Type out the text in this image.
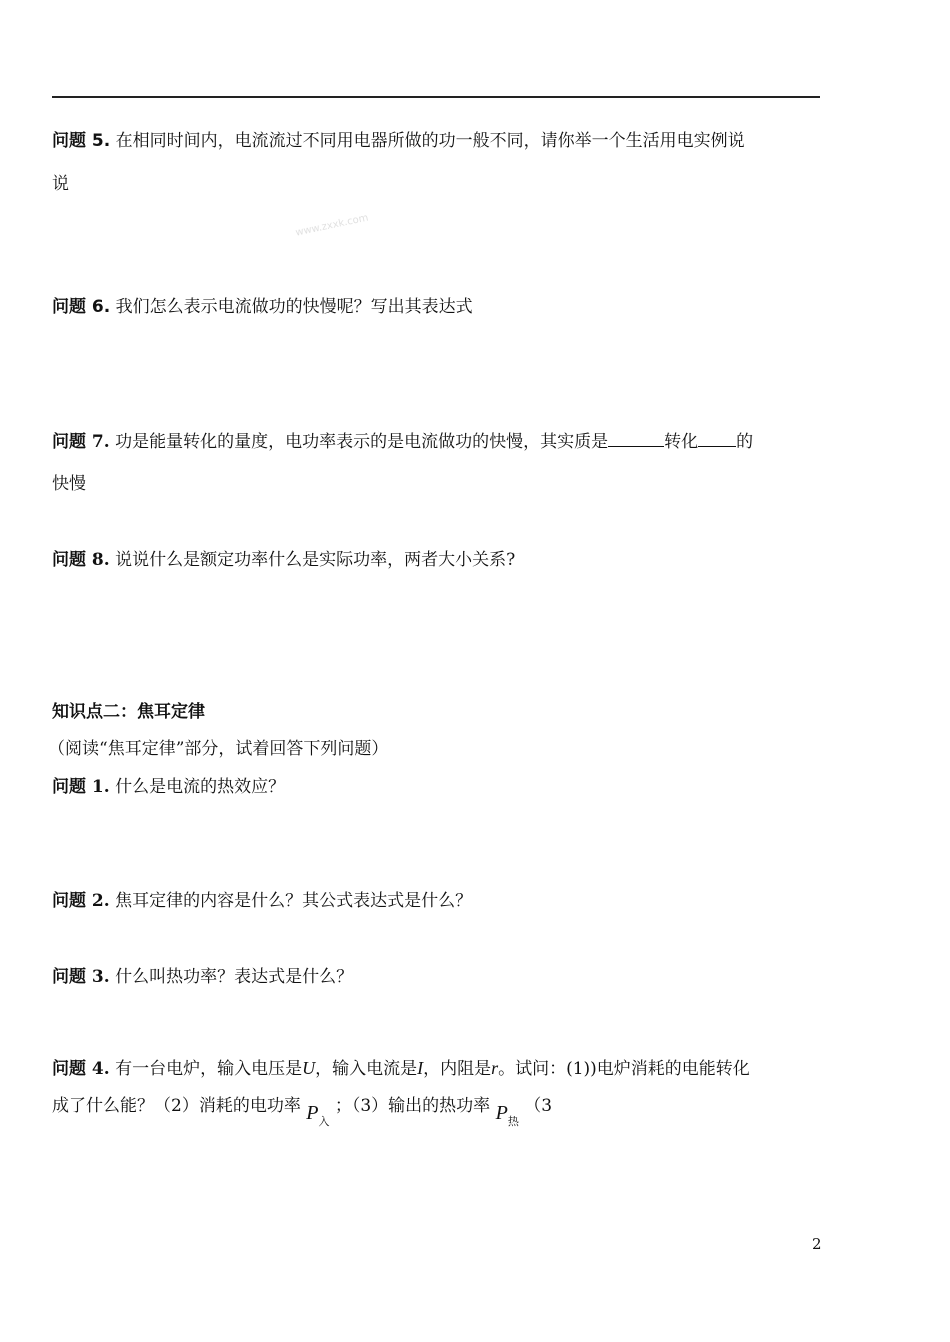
www.zxxk.com
问题 5. 在相同时间内，电流流过不同用电器所做的功一般不同，请你举一个生活用电实例说
说
问题 6. 我们怎么表示电流做功的快慢呢？写出其表达式
问题 7. 功是能量转化的量度，电功率表示的是电流做功的快慢，其实质是	转化 的
快慢
问题 8. 说说什么是额定功率什么是实际功率，两者大小关系?
知识点二：焦耳定律
（阅读“焦耳定律”部分，试着回答下列问题）
问题 1. 什么是电流的热效应？
问题 2. 焦耳定律的内容是什么？其公式表达式是什么？
问题 3. 什么叫热功率？表达式是什么？
问题 4. 有一台电炉，输入电压是U，输入电流是I，内阻是r。试问：(1))电炉消耗的电能转化
成了什么能？（2）消耗的电功率 $P_入$ ；（3）输出的热功率 $P_热$ （3
2
